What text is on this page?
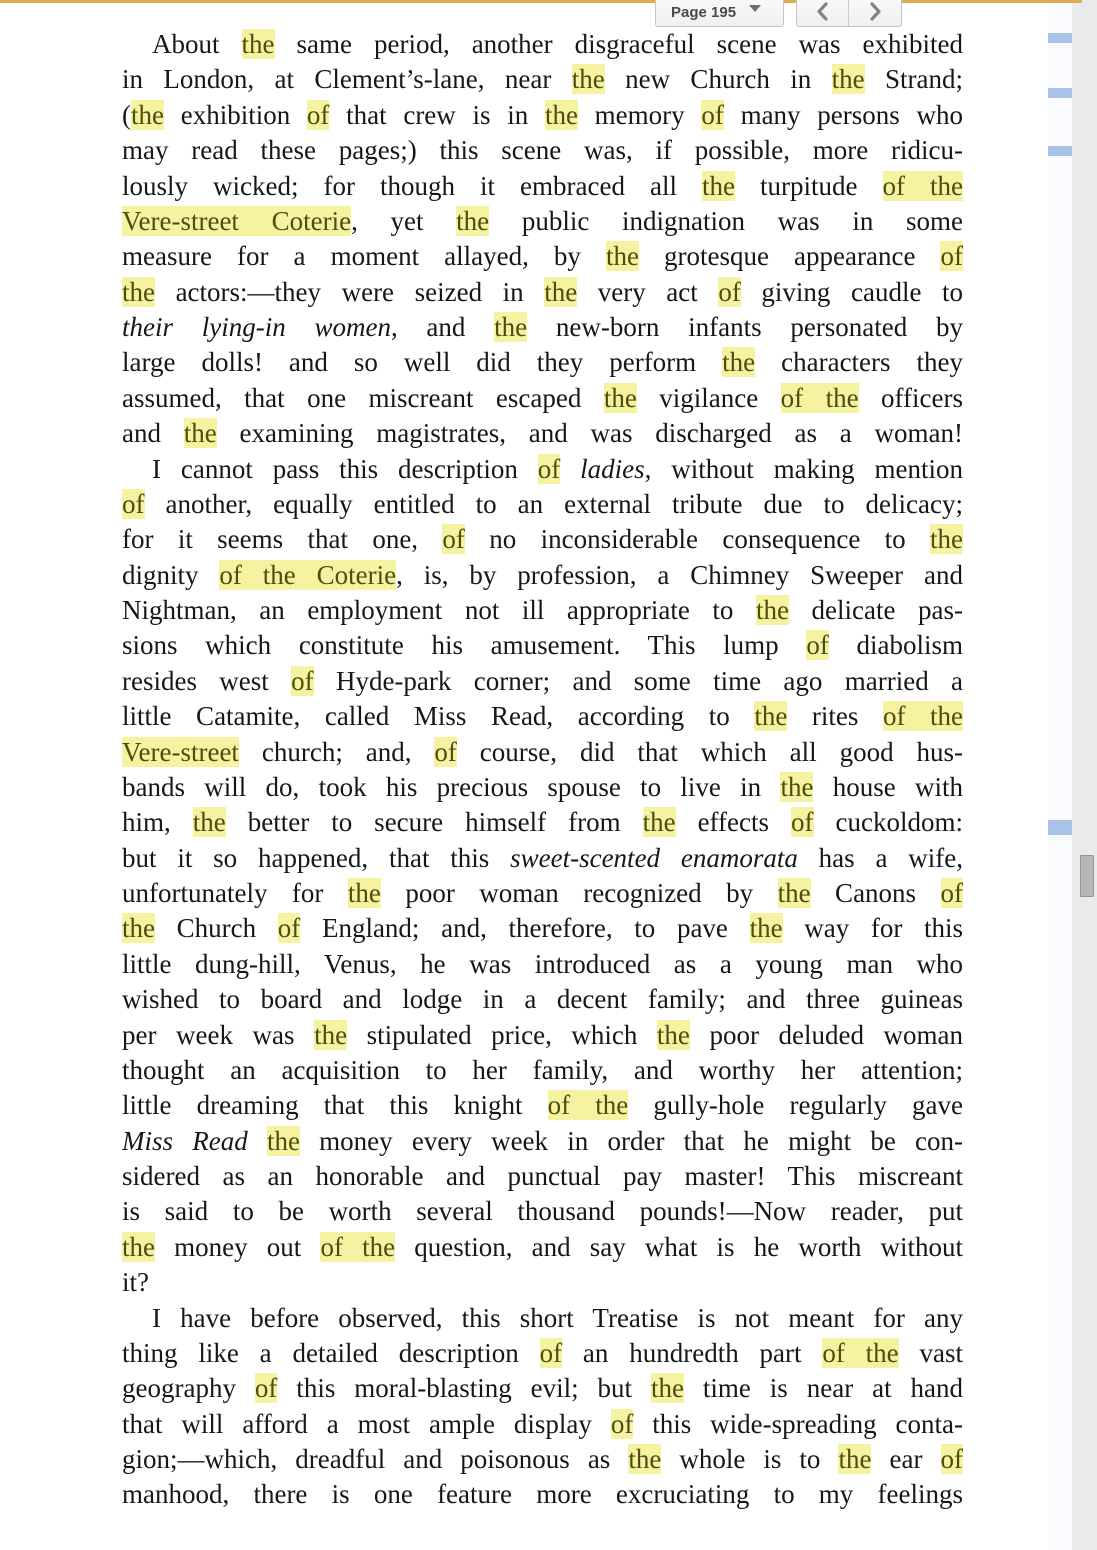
Page 195
About the same period, another disgraceful scene was exhibited
in London, at Clement’s-lane, near the new Church in the Strand;
(the exhibition of that crew is in the memory of many persons who
may read these pages;) this scene was, if possible, more ridicu-
lously wicked; for though it embraced all the turpitude of the
Vere-street Coterie, yet the public indignation was in some
measure for a moment allayed, by the grotesque appearance of
the actors:—they were seized in the very act of giving caudle to
their lying-in women, and the new-born infants personated by
large dolls! and so well did they perform the characters they
assumed, that one miscreant escaped the vigilance of the officers
and the examining magistrates, and was discharged as a woman!
I cannot pass this description of ladies, without making mention
of another, equally entitled to an external tribute due to delicacy;
for it seems that one, of no inconsiderable consequence to the
dignity of the Coterie, is, by profession, a Chimney Sweeper and
Nightman, an employment not ill appropriate to the delicate pas-
sions which constitute his amusement. This lump of diabolism
resides west of Hyde-park corner; and some time ago married a
little Catamite, called Miss Read, according to the rites of the
Vere-street church; and, of course, did that which all good hus-
bands will do, took his precious spouse to live in the house with
him, the better to secure himself from the effects of cuckoldom:
but it so happened, that this sweet-scented enamorata has a wife,
unfortunately for the poor woman recognized by the Canons of
the Church of England; and, therefore, to pave the way for this
little dung-hill, Venus, he was introduced as a young man who
wished to board and lodge in a decent family; and three guineas
per week was the stipulated price, which the poor deluded woman
thought an acquisition to her family, and worthy her attention;
little dreaming that this knight of the gully-hole regularly gave
Miss Read the money every week in order that he might be con-
sidered as an honorable and punctual pay master! This miscreant
is said to be worth several thousand pounds!—Now reader, put
the money out of the question, and say what is he worth without
it?
I have before observed, this short Treatise is not meant for any
thing like a detailed description of an hundredth part of the vast
geography of this moral-blasting evil; but the time is near at hand
that will afford a most ample display of this wide-spreading conta-
gion;—which, dreadful and poisonous as the whole is to the ear of
manhood, there is one feature more excruciating to my feelings
